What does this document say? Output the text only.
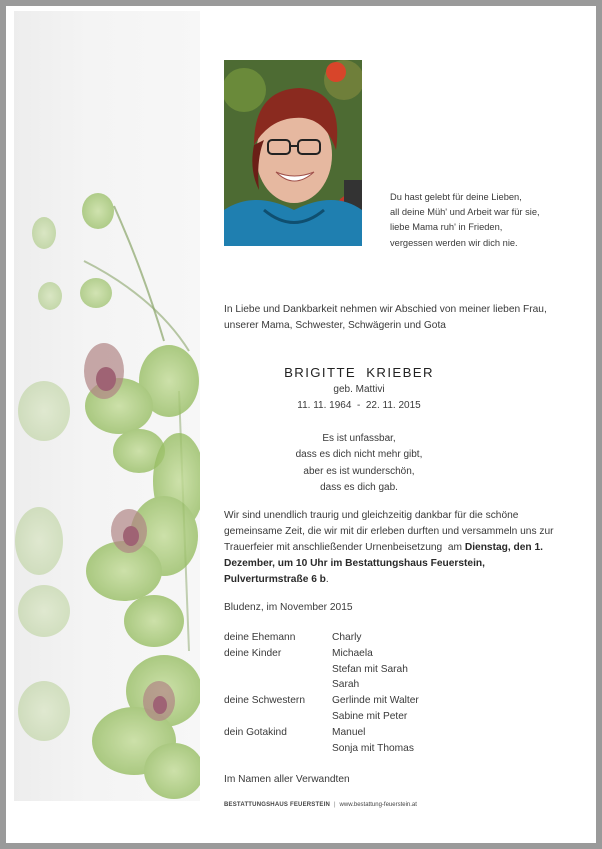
Du hast gelebt für deine Lieben,
all deine Müh' und Arbeit war für sie,
liebe Mama ruh' in Frieden,
vergessen werden wir dich nie.
In Liebe und Dankbarkeit nehmen wir Abschied von meiner lieben Frau, unserer Mama, Schwester, Schwägerin und Gota
BRIGITTE  KRIEBER
geb. Mattivi
11. 11. 1964  -  22. 11. 2015
Es ist unfassbar,
dass es dich nicht mehr gibt,
aber es ist wunderschön,
dass es dich gab.
Wir sind unendlich traurig und gleichzeitig dankbar für die schöne gemeinsame Zeit, die wir mit dir erleben durften und versammeln uns zur Trauerfeier mit anschließender Urnenbeisetzung  am Dienstag, den 1. Dezember, um 10 Uhr im Bestattungshaus Feuerstein, Pulverturmstraße 6 b.
Bludenz, im November 2015
deine Ehemann	Charly
deine Kinder	Michaela
Stefan mit Sarah
Sarah
deine Schwestern	Gerlinde mit Walter
Sabine mit Peter
dein Gotakind	Manuel
Sonja mit Thomas
Im Namen aller Verwandten
BESTATTUNGSHAUS FEUERSTEIN | www.bestattung-feuerstein.at
